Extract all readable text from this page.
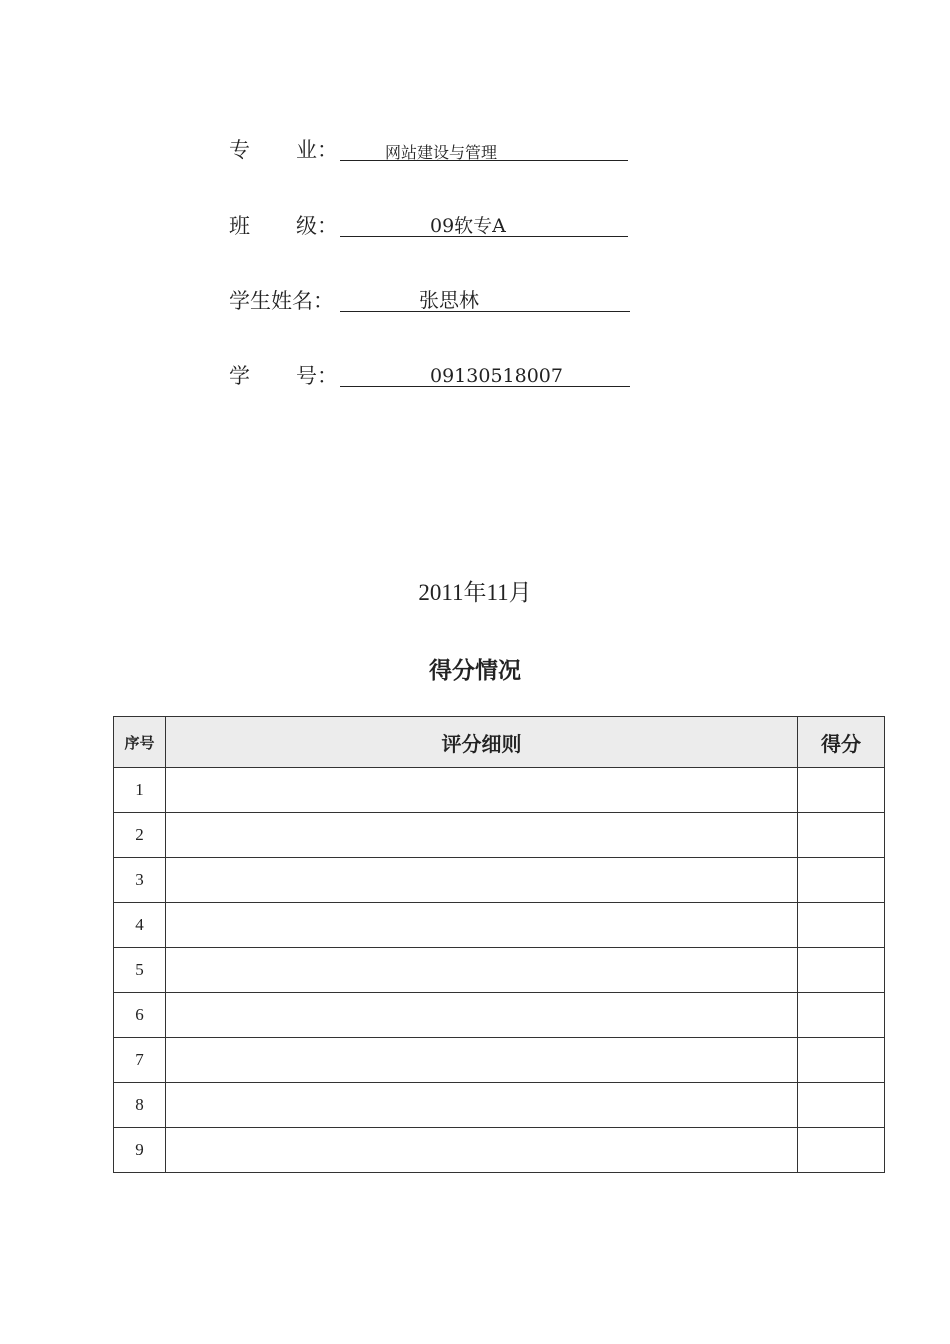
专 业：	网站建设与管理
班 级：	09软专A
学生姓名：	张思林
学 号：	09130518007
2011年11月
得分情况
序号	评分细则	得分
1		
2		
3		
4		
5		
6		
7		
8		
9		
